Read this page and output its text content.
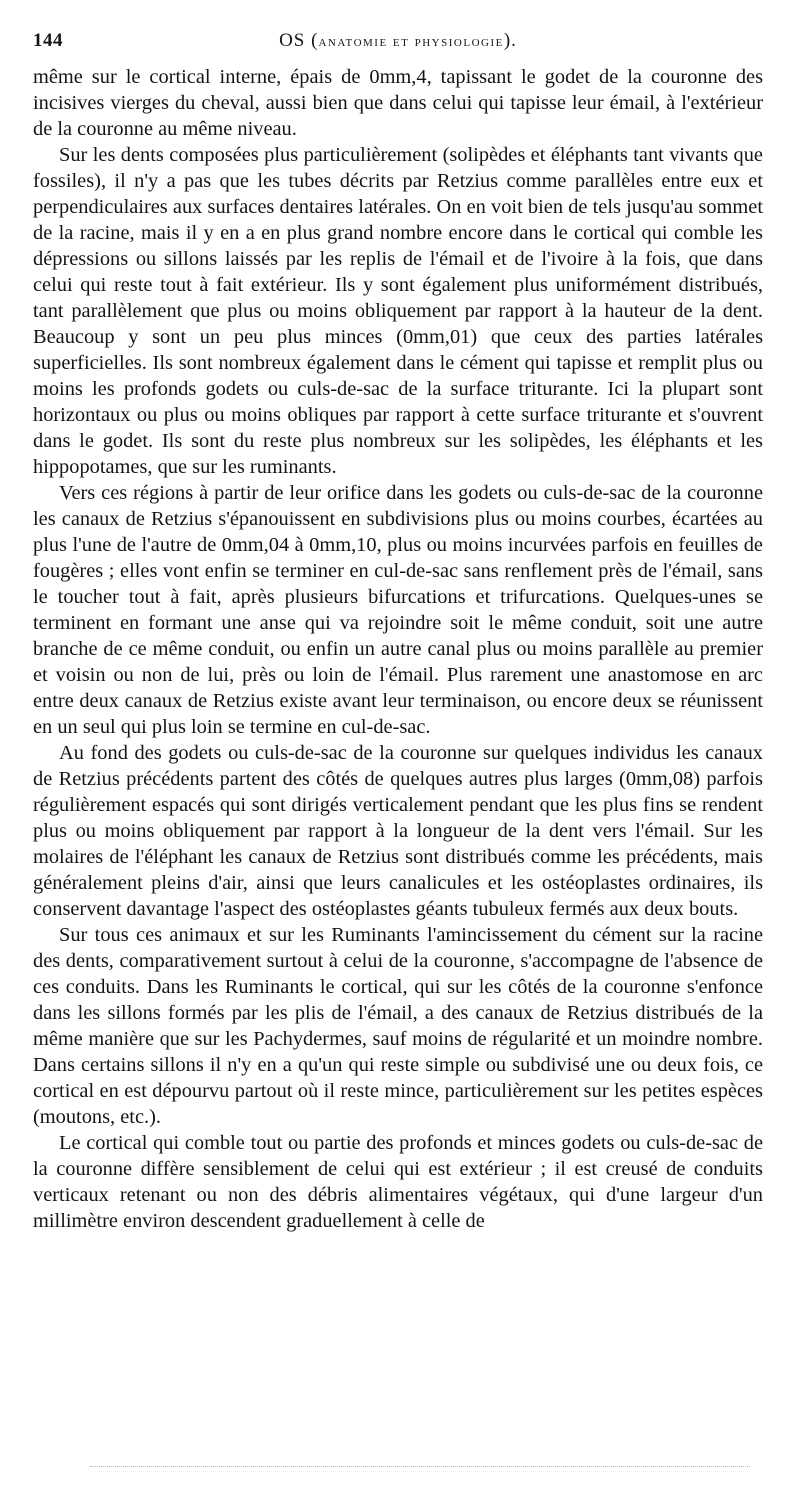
144	OS (anatomie et physiologie).

même sur le cortical interne, épais de 0mm,4, tapissant le godet de la couronne des incisives vierges du cheval, aussi bien que dans celui qui tapisse leur émail, à l'extérieur de la couronne au même niveau.

Sur les dents composées plus particulièrement (solipèdes et éléphants tant vivants que fossiles), il n'y a pas que les tubes décrits par Retzius comme parallèles entre eux et perpendiculaires aux surfaces dentaires latérales. On en voit bien de tels jusqu'au sommet de la racine, mais il y en a en plus grand nombre encore dans le cortical qui comble les dépressions ou sillons laissés par les replis de l'émail et de l'ivoire à la fois, que dans celui qui reste tout à fait extérieur. Ils y sont également plus uniformément distribués, tant parallèlement que plus ou moins obliquement par rapport à la hauteur de la dent. Beaucoup y sont un peu plus minces (0mm,01) que ceux des parties latérales superficielles. Ils sont nombreux également dans le cément qui tapisse et remplit plus ou moins les profonds godets ou culs-de-sac de la surface triturante. Ici la plupart sont horizontaux ou plus ou moins obliques par rapport à cette surface triturante et s'ouvrent dans le godet. Ils sont du reste plus nombreux sur les solipèdes, les éléphants et les hippopotames, que sur les ruminants.

Vers ces régions à partir de leur orifice dans les godets ou culs-de-sac de la couronne les canaux de Retzius s'épanouissent en subdivisions plus ou moins courbes, écartées au plus l'une de l'autre de 0mm,04 à 0mm,10, plus ou moins incurvées parfois en feuilles de fougères ; elles vont enfin se terminer en cul-de-sac sans renflement près de l'émail, sans le toucher tout à fait, après plusieurs bifurcations et trifurcations. Quelques-unes se terminent en formant une anse qui va rejoindre soit le même conduit, soit une autre branche de ce même conduit, ou enfin un autre canal plus ou moins parallèle au premier et voisin ou non de lui, près ou loin de l'émail. Plus rarement une anastomose en arc entre deux canaux de Retzius existe avant leur terminaison, ou encore deux se réunissent en un seul qui plus loin se termine en cul-de-sac.

Au fond des godets ou culs-de-sac de la couronne sur quelques individus les canaux de Retzius précédents partent des côtés de quelques autres plus larges (0mm,08) parfois régulièrement espacés qui sont dirigés verticalement pendant que les plus fins se rendent plus ou moins obliquement par rapport à la longueur de la dent vers l'émail. Sur les molaires de l'éléphant les canaux de Retzius sont distribués comme les précédents, mais généralement pleins d'air, ainsi que leurs canalicules et les ostéoplastes ordinaires, ils conservent davantage l'aspect des ostéoplastes géants tubuleux fermés aux deux bouts.

Sur tous ces animaux et sur les Ruminants l'amincissement du cément sur la racine des dents, comparativement surtout à celui de la couronne, s'accompagne de l'absence de ces conduits. Dans les Ruminants le cortical, qui sur les côtés de la couronne s'enfonce dans les sillons formés par les plis de l'émail, a des canaux de Retzius distribués de la même manière que sur les Pachydermes, sauf moins de régularité et un moindre nombre. Dans certains sillons il n'y en a qu'un qui reste simple ou subdivisé une ou deux fois, ce cortical en est dépourvu partout où il reste mince, particulièrement sur les petites espèces (moutons, etc.).

Le cortical qui comble tout ou partie des profonds et minces godets ou culs-de-sac de la couronne diffère sensiblement de celui qui est extérieur ; il est creusé de conduits verticaux retenant ou non des débris alimentaires végétaux, qui d'une largeur d'un millimètre environ descendent graduellement à celle de
